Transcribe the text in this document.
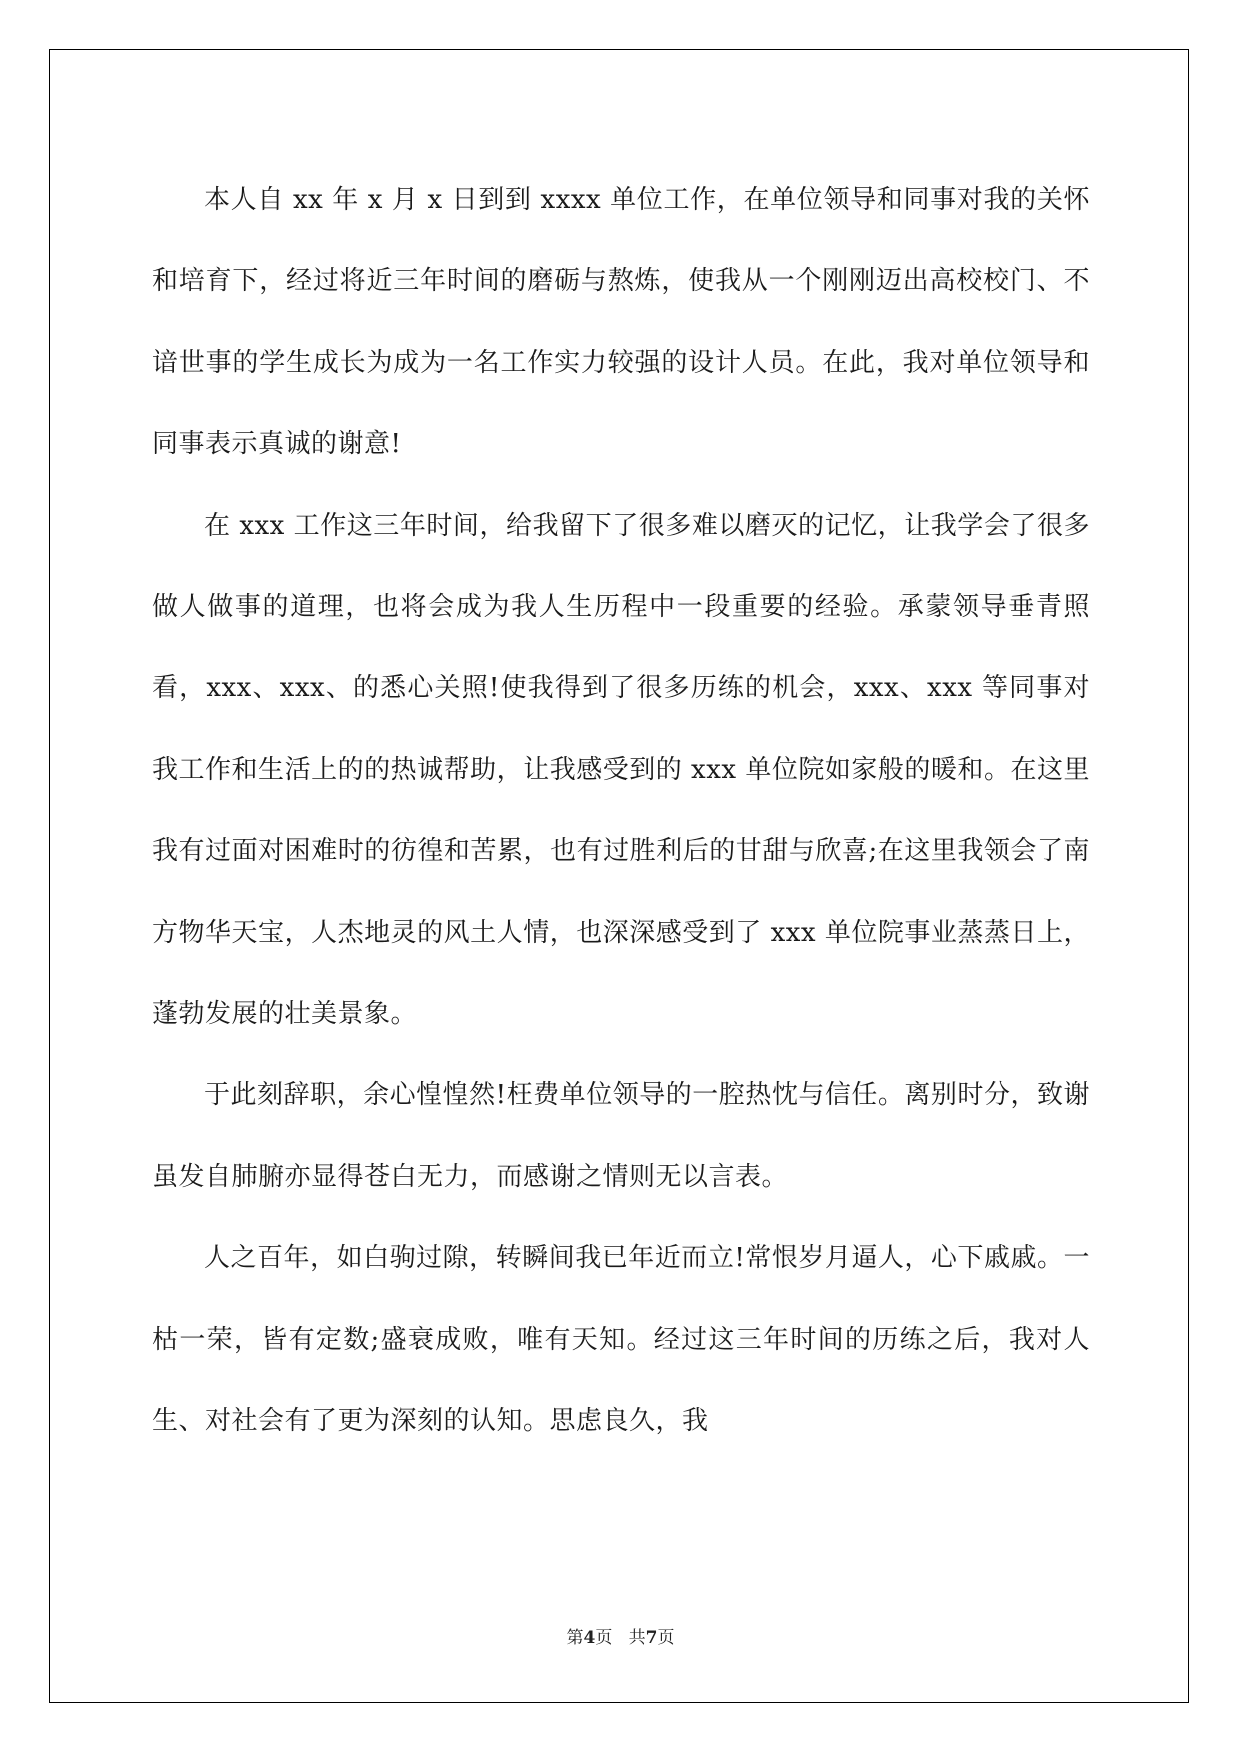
本人自 xx 年 x 月 x 日到到 xxxx 单位工作，在单位领导和同事对我的关怀和培育下，经过将近三年时间的磨砺与熬炼，使我从一个刚刚迈出高校校门、不谙世事的学生成长为成为一名工作实力较强的设计人员。在此，我对单位领导和同事表示真诚的谢意!

在 xxx 工作这三年时间，给我留下了很多难以磨灭的记忆，让我学会了很多做人做事的道理，也将会成为我人生历程中一段重要的经验。承蒙领导垂青照看，xxx、xxx、的悉心关照!使我得到了很多历练的机会，xxx、xxx 等同事对我工作和生活上的的热诚帮助，让我感受到的 xxx 单位院如家般的暖和。在这里我有过面对困难时的彷徨和苦累，也有过胜利后的甘甜与欣喜;在这里我领会了南方物华天宝，人杰地灵的风土人情，也深深感受到了 xxx 单位院事业蒸蒸日上，蓬勃发展的壮美景象。

于此刻辞职，余心惶惶然!枉费单位领导的一腔热忱与信任。离别时分，致谢虽发自肺腑亦显得苍白无力，而感谢之情则无以言表。

人之百年，如白驹过隙，转瞬间我已年近而立!常恨岁月逼人，心下戚戚。一枯一荣，皆有定数;盛衰成败，唯有天知。经过这三年时间的历练之后，我对人生、对社会有了更为深刻的认知。思虑良久，我

第4页   共7页
